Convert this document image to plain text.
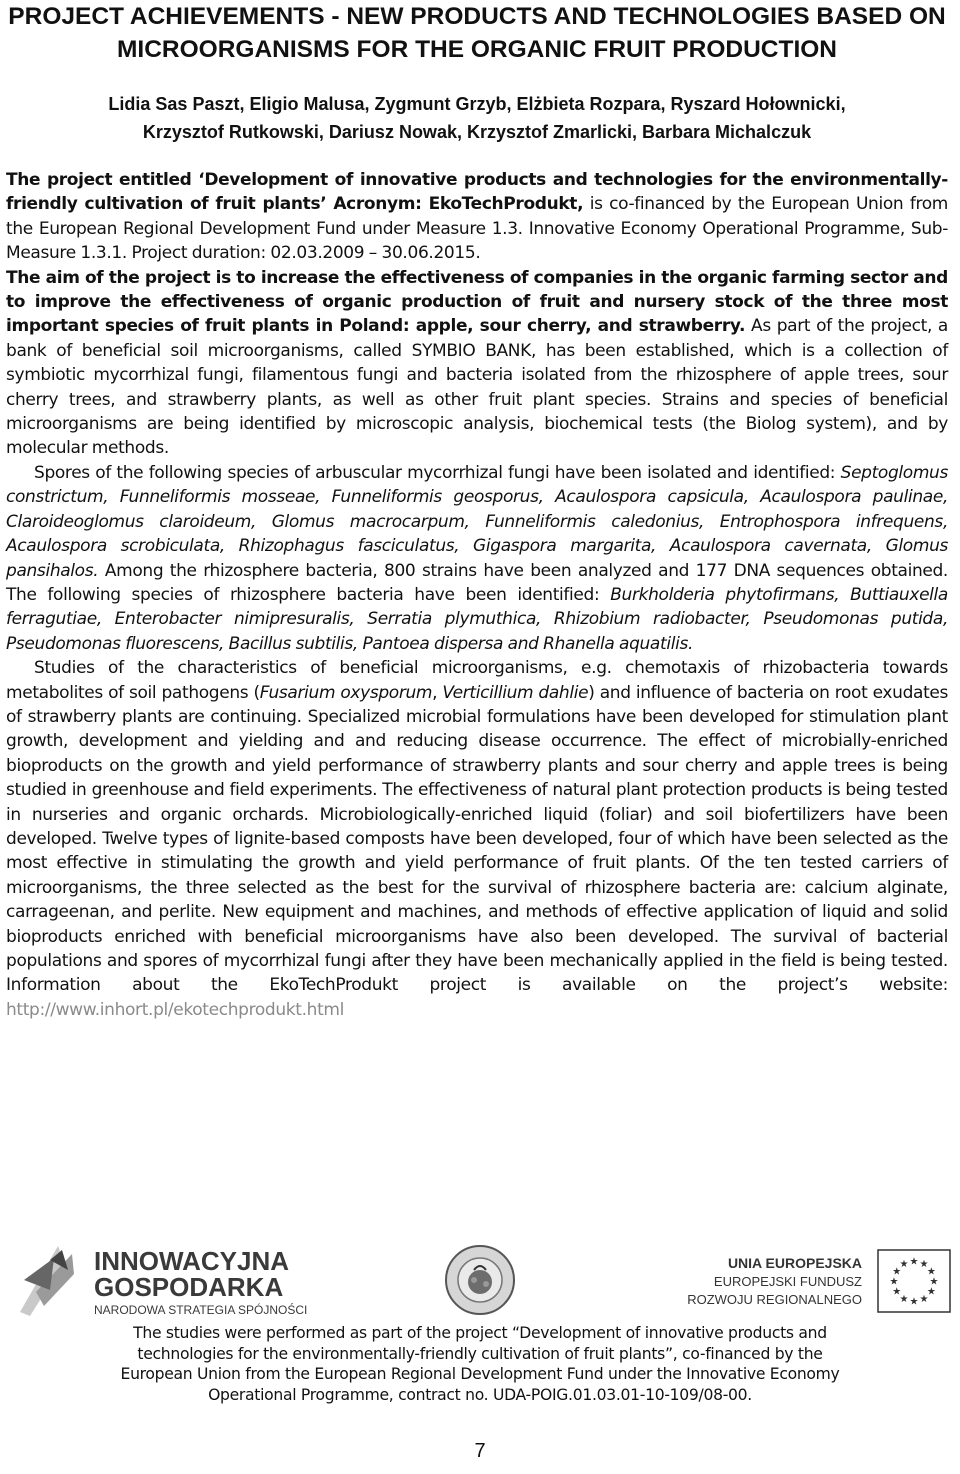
PROJECT ACHIEVEMENTS - NEW PRODUCTS AND TECHNOLOGIES BASED ON
MICROORGANISMS FOR THE ORGANIC FRUIT PRODUCTION
Lidia Sas Paszt, Eligio Malusa, Zygmunt Grzyb, Elżbieta Rozpara, Ryszard Hołownicki,
Krzysztof Rutkowski, Dariusz Nowak, Krzysztof Zmarlicki, Barbara Michalczuk

The project entitled ‘Development of innovative products and technologies for the environmentally-friendly cultivation of fruit plants’ Acronym: EkoTechProdukt, is co-financed by the European Union from the European Regional Development Fund under Measure 1.3. Innovative Economy Operational Programme, Sub-Measure 1.3.1. Project duration: 02.03.2009 – 30.06.2015.

The aim of the project is to increase the effectiveness of companies in the organic farming sector and to improve the effectiveness of organic production of fruit and nursery stock of the three most important species of fruit plants in Poland: apple, sour cherry, and strawberry. As part of the project, a bank of beneficial soil microorganisms, called SYMBIO BANK, has been established, which is a collection of symbiotic mycorrhizal fungi, filamentous fungi and bacteria isolated from the rhizosphere of apple trees, sour cherry trees, and strawberry plants, as well as other fruit plant species. Strains and species of beneficial microorganisms are being identified by microscopic analysis, biochemical tests (the Biolog system), and by molecular methods.

Spores of the following species of arbuscular mycorrhizal fungi have been isolated and identified: Septoglomus constrictum, Funneliformis mosseae, Funneliformis geosporus, Acaulospora capsicula, Acaulospora paulinae, Claroideoglomus claroideum, Glomus macrocarpum, Funneliformis caledonius, Entrophospora infrequens, Acaulospora scrobiculata, Rhizophagus fasciculatus, Gigaspora margarita, Acaulospora cavernata, Glomus pansihalos. Among the rhizosphere bacteria, 800 strains have been analyzed and 177 DNA sequences obtained. The following species of rhizosphere bacteria have been identified: Burkholderia phytofirmans, Buttiauxella ferragutiae, Enterobacter nimipresuralis, Serratia plymuthica, Rhizobium radiobacter, Pseudomonas putida, Pseudomonas fluorescens, Bacillus subtilis, Pantoea dispersa and Rhanella aquatilis.

Studies of the characteristics of beneficial microorganisms, e.g. chemotaxis of rhizobacteria towards metabolites of soil pathogens (Fusarium oxysporum, Verticillium dahlie) and influence of bacteria on root exudates of strawberry plants are continuing. Specialized microbial formulations have been developed for stimulation plant growth, development and yielding and and reducing disease occurrence. The effect of microbially-enriched bioproducts on the growth and yield performance of strawberry plants and sour cherry and apple trees is being studied in greenhouse and field experiments. The effectiveness of natural plant protection products is being tested in nurseries and organic orchards. Microbiologically-enriched liquid (foliar) and soil biofertilizers have been developed. Twelve types of lignite-based composts have been developed, four of which have been selected as the most effective in stimulating the growth and yield performance of fruit plants. Of the ten tested carriers of microorganisms, the three selected as the best for the survival of rhizosphere bacteria are: calcium alginate, carrageenan, and perlite. New equipment and machines, and methods of effective application of liquid and solid bioproducts enriched with beneficial microorganisms have also been developed. The survival of bacterial populations and spores of mycorrhizal fungi after they have been mechanically applied in the field is being tested. Information about the EkoTechProdukt project is available on the project’s website: http://www.inhort.pl/ekotechprodukt.html

INNOWACYJNA
GOSPODARKA
NARODOWA STRATEGIA SPÓJNOŚCI
UNIA EUROPEJSKA
EUROPEJSKI FUNDUSZ
ROZWOJU REGIONALNEGO
★ ★
★
★
★
★
★
★
★
★
★
★
The studies were performed as part of the project “Development of innovative products and
technologies for the environmentally-friendly cultivation of fruit plants”, co-financed by the
European Union from the European Regional Development Fund under the Innovative Economy
Operational Programme, contract no. UDA-POIG.01.03.01-10-109/08-00.
7
